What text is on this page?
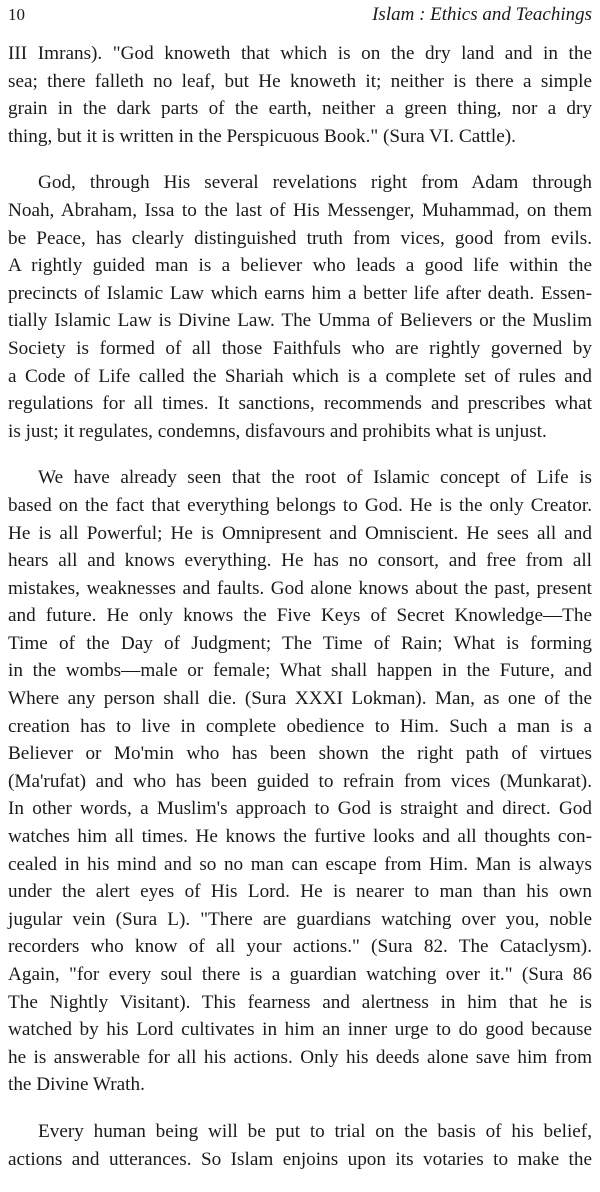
10	Islam : Ethics and Teachings
III Imrans). "God knoweth that which is on the dry land and in the
sea; there falleth no leaf, but He knoweth it; neither is there a simple
grain in the dark parts of the earth, neither a green thing, nor a dry
thing, but it is written in the Perspicuous Book." (Sura VI. Cattle).
God, through His several revelations right from Adam through
Noah, Abraham, Issa to the last of His Messenger, Muhammad, on them
be Peace, has clearly distinguished truth from vices, good from evils.
A rightly guided man is a believer who leads a good life within the
precincts of Islamic Law which earns him a better life after death. Essen-
tially Islamic Law is Divine Law. The Umma of Believers or the Muslim
Society is formed of all those Faithfuls who are rightly governed by
a Code of Life called the Shariah which is a complete set of rules and
regulations for all times. It sanctions, recommends and prescribes what
is just; it regulates, condemns, disfavours and prohibits what is unjust.
We have already seen that the root of Islamic concept of Life is
based on the fact that everything belongs to God. He is the only Creator.
He is all Powerful; He is Omnipresent and Omniscient. He sees all and
hears all and knows everything. He has no consort, and free from all
mistakes, weaknesses and faults. God alone knows about the past, present
and future. He only knows the Five Keys of Secret Knowledge—The
Time of the Day of Judgment; The Time of Rain; What is forming
in the wombs—male or female; What shall happen in the Future, and
Where any person shall die. (Sura XXXI Lokman). Man, as one of the
creation has to live in complete obedience to Him. Such a man is a
Believer or Mo'min who has been shown the right path of virtues
(Ma'rufat) and who has been guided to refrain from vices (Munkarat).
In other words, a Muslim's approach to God is straight and direct. God
watches him all times. He knows the furtive looks and all thoughts con-
cealed in his mind and so no man can escape from Him. Man is always
under the alert eyes of His Lord. He is nearer to man than his own
jugular vein (Sura L). "There are guardians watching over you, noble
recorders who know of all your actions." (Sura 82. The Cataclysm).
Again, "for every soul there is a guardian watching over it." (Sura 86
The Nightly Visitant). This fearness and alertness in him that he is
watched by his Lord cultivates in him an inner urge to do good because
he is answerable for all his actions. Only his deeds alone save him from
the Divine Wrath.
Every human being will be put to trial on the basis of his belief,
actions and utterances. So Islam enjoins upon its votaries to make the
